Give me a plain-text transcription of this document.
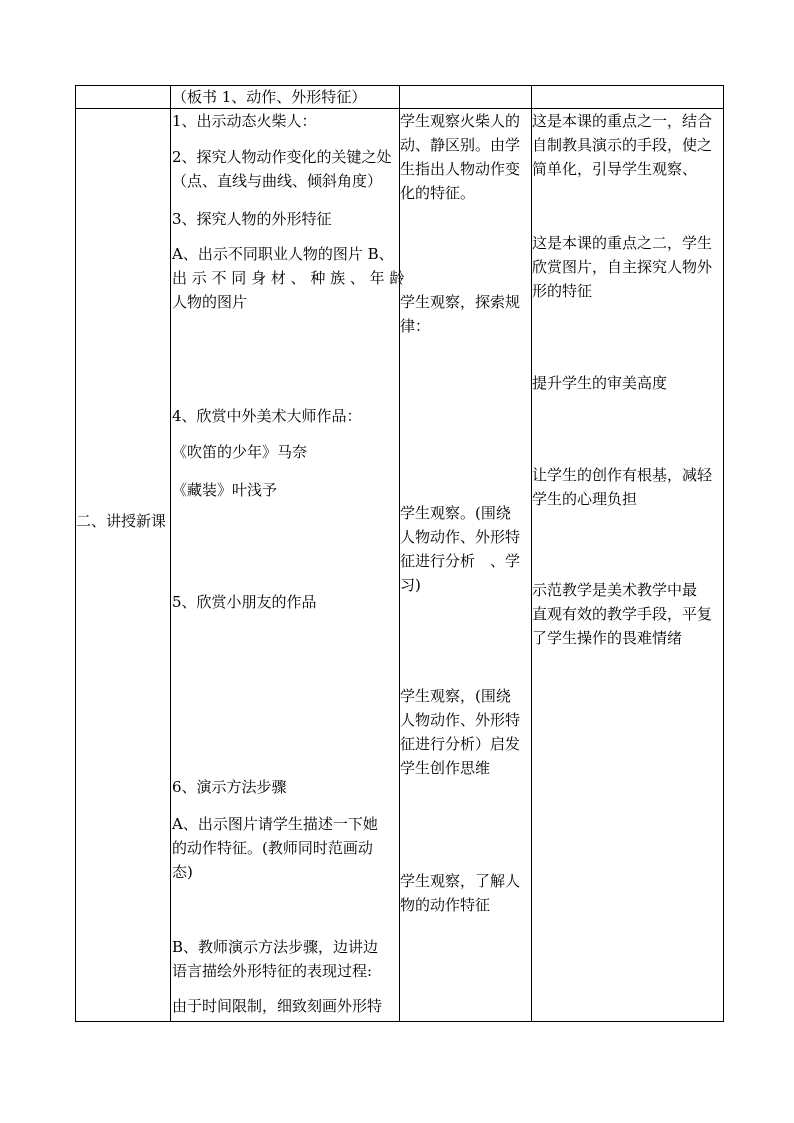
（板书 1、动作、外形特征）
二、讲授新课
1、出示动态火柴人：
2、探究人物动作变化的关键之处
（点、直线与曲线、倾斜角度）
3、探究人物的外形特征
A、出示不同职业人物的图片 B、
出 示 不 同 身 材 、 种 族 、 年 龄
人物的图片
4、欣赏中外美术大师作品：
《吹笛的少年》马奈
《藏装》叶浅予
5、欣赏小朋友的作品
6、演示方法步骤
A、出示图片请学生描述一下她
的动作特征。(教师同时范画动
态)
B、教师演示方法步骤，边讲边
语言描绘外形特征的表现过程:
由于时间限制，细致刻画外形特
学生观察火柴人的
动、静区别。由学
生指出人物动作变
化的特征。
学生观察，探索规
律：
学生观察。(围绕
人物动作、外形特
征进行分析　、学
习)
学生观察，(围绕
人物动作、外形特
征进行分析）启发
学生创作思维
学生观察，了解人
物的动作特征
这是本课的重点之一，结合
自制教具演示的手段，使之
简单化，引导学生观察、
这是本课的重点之二，学生
欣赏图片，自主探究人物外
形的特征
提升学生的审美高度
让学生的创作有根基，减轻
学生的心理负担
示范教学是美术教学中最
直观有效的教学手段，平复
了学生操作的畏难情绪
